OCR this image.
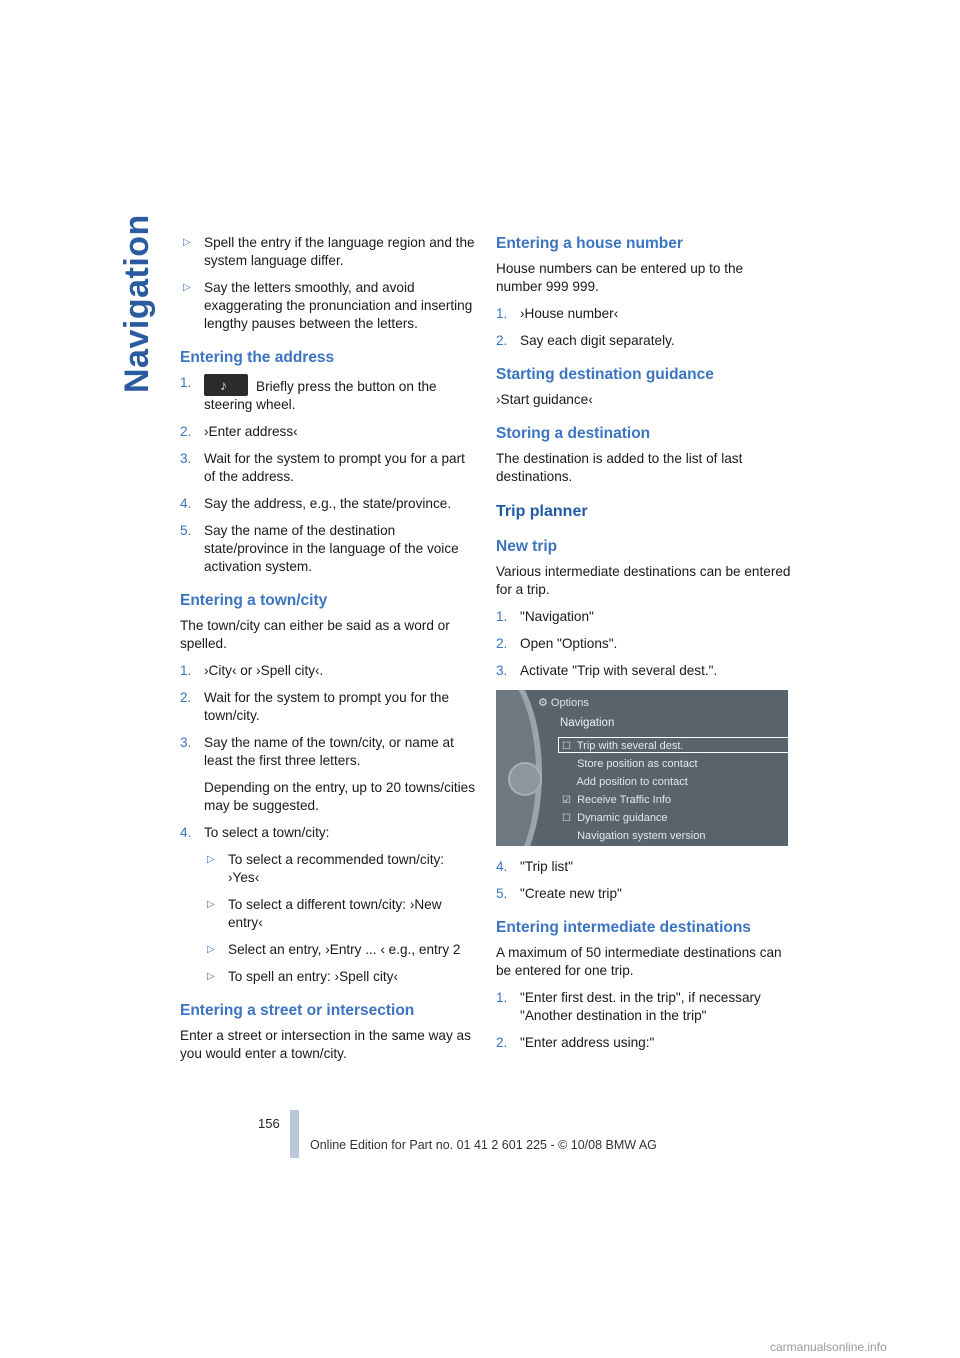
Navigation	▷ Spell the entry if the language region and the system language differ.
▷ Say the letters smoothly, and avoid exaggerating the pronunciation and inserting lengthy pauses between the letters.
Entering the address
1. ♪	Briefly press the button on the steering wheel.
2. ›Enter address‹
3. Wait for the system to prompt you for a part of the address.
4. Say the address, e.g., the state/province.
5. Say the name of the destination state/province in the language of the voice activation system.
Entering a town/city
The town/city can either be said as a word or spelled.
1. ›City‹ or ›Spell city‹.
2. Wait for the system to prompt you for the town/city.
3. Say the name of the town/city, or name at least the first three letters.
Depending on the entry, up to 20 towns/cities may be suggested.
4. To select a town/city:
▷ To select a recommended town/city: ›Yes‹
▷ To select a different town/city: ›New entry‹
▷ Select an entry, ›Entry ... ‹ e.g., entry 2
▷ To spell an entry: ›Spell city‹
Entering a street or intersection
Enter a street or intersection in the same way as you would enter a town/city.
Entering a house number
House numbers can be entered up to the number 999 999.
1. ›House number‹
2. Say each digit separately.
Starting destination guidance
›Start guidance‹
Storing a destination
The destination is added to the list of last destinations.
Trip planner
New trip
Various intermediate destinations can be entered for a trip.
1. "Navigation"
2. Open "Options".
3. Activate "Trip with several dest.".
⚙ Options
Navigation
☐ Trip with several dest.
Store position as contact
Add position to contact
☑ Receive Traffic Info
☐ Dynamic guidance
Navigation system version
4. "Trip list"
5. "Create new trip"
Entering intermediate destinations
A maximum of 50 intermediate destinations can be entered for one trip.
1. "Enter first dest. in the trip", if necessary "Another destination in the trip"
2. "Enter address using:"
156
Online Edition for Part no. 01 41 2 601 225 - © 10/08 BMW AG
carmanualsonline.info
